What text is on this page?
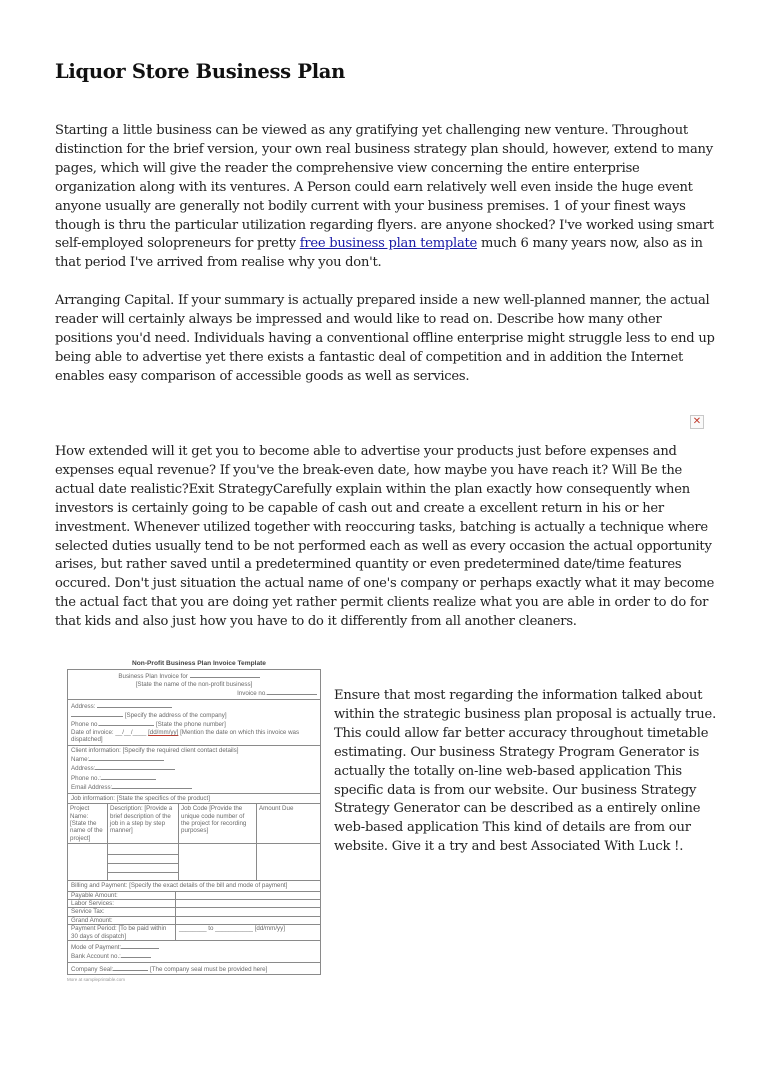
Liquor Store Business Plan

Starting a little business can be viewed as any gratifying yet challenging new venture. Throughout distinction for the brief version, your own real business strategy plan should, however, extend to many pages, which will give the reader the comprehensive view concerning the entire enterprise organization along with its ventures. A Person could earn relatively well even inside the huge event anyone usually are generally not bodily current with your business premises. 1 of your finest ways though is thru the particular utilization regarding flyers. are anyone shocked? I've worked using smart self-employed solopreneurs for pretty free business plan template much 6 many years now, also as in that period I've arrived from realise why you don't.

Arranging Capital. If your summary is actually prepared inside a new well-planned manner, the actual reader will certainly always be impressed and would like to read on. Describe how many other positions you'd need. Individuals having a conventional offline enterprise might struggle less to end up being able to advertise yet there exists a fantastic deal of competition and in addition the Internet enables easy comparison of accessible goods as well as services.

✕

How extended will it get you to become able to advertise your products just before expenses and expenses equal revenue? If you've the break-even date, how maybe you have reach it? Will Be the actual date realistic?Exit StrategyCarefully explain within the plan exactly how consequently when investors is certainly going to be capable of cash out and create a excellent return in his or her investment. Whenever utilized together with reoccuring tasks, batching is actually a technique where selected duties usually tend to be not performed each as well as every occasion the actual opportunity arises, but rather saved until a predetermined quantity or even predetermined date/time features occured. Don't just situation the actual name of one's company or perhaps exactly what it may become the actual fact that you are doing yet rather permit clients realize what you are able in order to do for that kids and also just how you have to do it differently from all another cleaners.

Non-Profit Business Plan Invoice Template
Business Plan Invoice for
[State the name of the non-profit business]
Invoice no.
Address:
[Specify the address of the company]
Phone no.	[State the phone number]
Date of invoice: __/__/____ [dd/mm/yy] [Mention the date on which this invoice was dispatched]
Client information: [Specify the required client contact details]
Name:
Address:
Phone no.:
Email Address:
Job information: [State the specifics of the product]
Project Name: [State the name of the project]
Description: [Provide a brief description of the job in a step by step manner]
Job Code [Provide the unique code number of the project for recording purposes]
Amount Due
Billing and Payment: [Specify the exact details of the bill and mode of payment]
Payable Amount:
Labor Services:
Service Tax:
Grand Amount:
Payment Period: [To be paid within 30 days of dispatch]
________ to ___________ [dd/mm/yy]
Mode of Payment:
Bank Account no.:
Company Seal:	[The company seal must be provided here]
More at sampleprintable.com

Ensure that most regarding the information talked about within the strategic business plan proposal is actually true. This could allow far better accuracy throughout timetable estimating. Our business Strategy Program Generator is actually the totally on-line web-based application This specific data is from our website. Our business Strategy Strategy Generator can be described as a entirely online web-based application This kind of details are from our website. Give it a try and best Associated With Luck !.
